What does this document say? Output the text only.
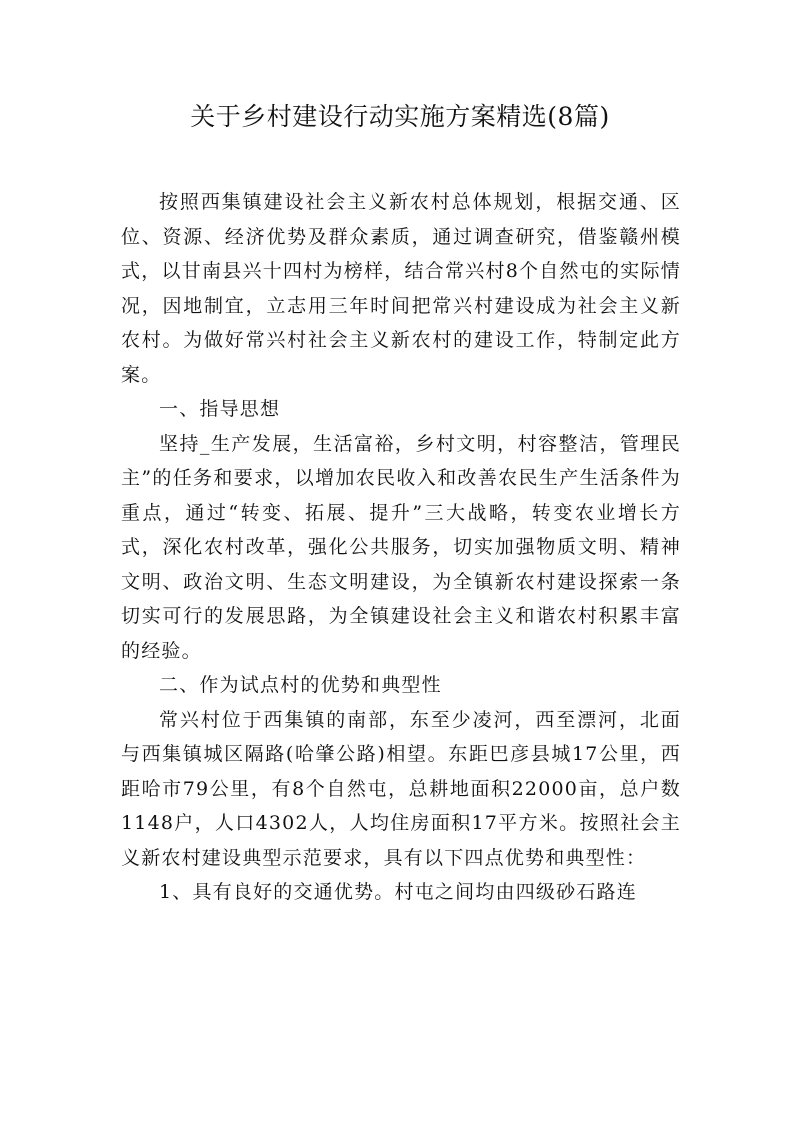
关于乡村建设行动实施方案精选(8篇)

按照西集镇建设社会主义新农村总体规划，根据交通、区位、资源、经济优势及群众素质，通过调查研究，借鉴赣州模式，以甘南县兴十四村为榜样，结合常兴村8个自然屯的实际情况，因地制宜，立志用三年时间把常兴村建设成为社会主义新农村。为做好常兴村社会主义新农村的建设工作，特制定此方案。

一、指导思想

坚持_生产发展，生活富裕，乡村文明，村容整洁，管理民主”的任务和要求，以增加农民收入和改善农民生产生活条件为重点，通过“转变、拓展、提升”三大战略，转变农业增长方式，深化农村改革，强化公共服务，切实加强物质文明、精神文明、政治文明、生态文明建设，为全镇新农村建设探索一条切实可行的发展思路，为全镇建设社会主义和谐农村积累丰富的经验。

二、作为试点村的优势和典型性

常兴村位于西集镇的南部，东至少凌河，西至漂河，北面与西集镇城区隔路(哈肇公路)相望。东距巴彦县城17公里，西距哈市79公里，有8个自然屯，总耕地面积22000亩，总户数1148户，人口4302人，人均住房面积17平方米。按照社会主义新农村建设典型示范要求，具有以下四点优势和典型性：

1、具有良好的交通优势。村屯之间均由四级砂石路连
